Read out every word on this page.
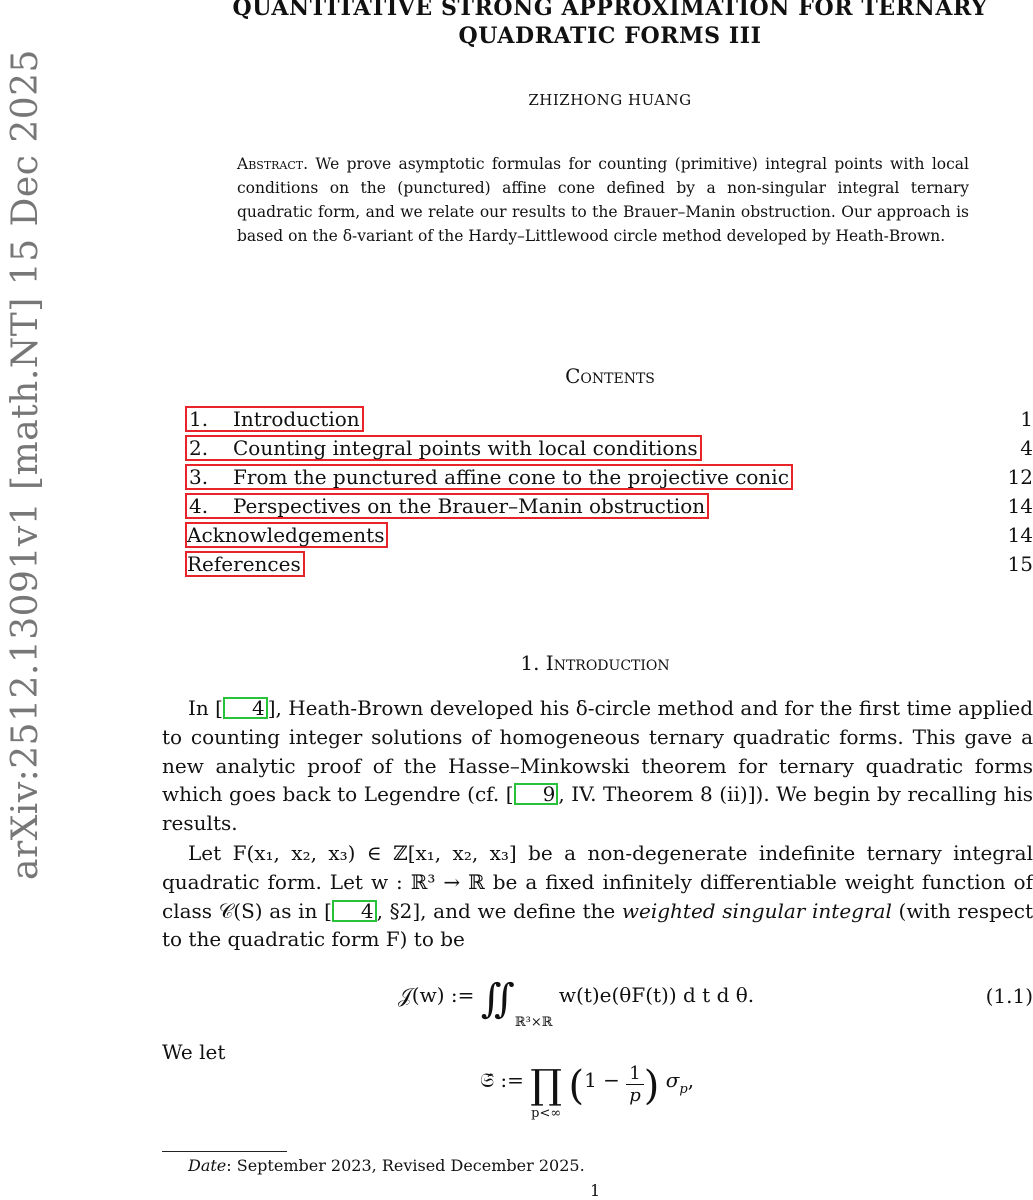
arXiv:2512.13091v1 [math.NT] 15 Dec 2025
QUANTITATIVE STRONG APPROXIMATION FOR TERNARY
QUADRATIC FORMS III
ZHIZHONG HUANG
Abstract. We prove asymptotic formulas for counting (primitive) integral points with local conditions on the (punctured) affine cone defined by a non-singular integral ternary quadratic form, and we relate our results to the Brauer–Manin obstruction. Our approach is based on the δ-variant of the Hardy–Littlewood circle method developed by Heath-Brown.
Contents
1. Introduction	1
2. Counting integral points with local conditions	4
3. From the punctured affine cone to the projective conic	12
4. Perspectives on the Brauer–Manin obstruction	14
Acknowledgements	14
References	15
1. Introduction

In [ 4 ], Heath-Brown developed his δ-circle method and for the first time applied to counting integer solutions of homogeneous ternary quadratic forms. This gave a new analytic proof of the Hasse–Minkowski theorem for ternary quadratic forms which goes back to Legendre (cf. [ 9 , IV. Theorem 8 (ii)]). We begin by recalling his results.

Let F(x₁, x₂, x₃) ∈ ℤ[x₁, x₂, x₃] be a non-degenerate indefinite ternary integral quadratic form. Let w : ℝ³ → ℝ be a fixed infinitely differentiable weight function of class 𝒞(S) as in [ 4 , §2], and we define the weighted singular integral (with respect to the quadratic form F) to be

𝒥(w) := $∬_{ℝ^3\times ℝ}$ w(t)e(θF(t)) d t d θ.	(1.1)
We let
𝔖̂ := ∏
p<∞
($1 - \frac{1}{p}$ ) σp,
Date: September 2023, Revised December 2025.
1
